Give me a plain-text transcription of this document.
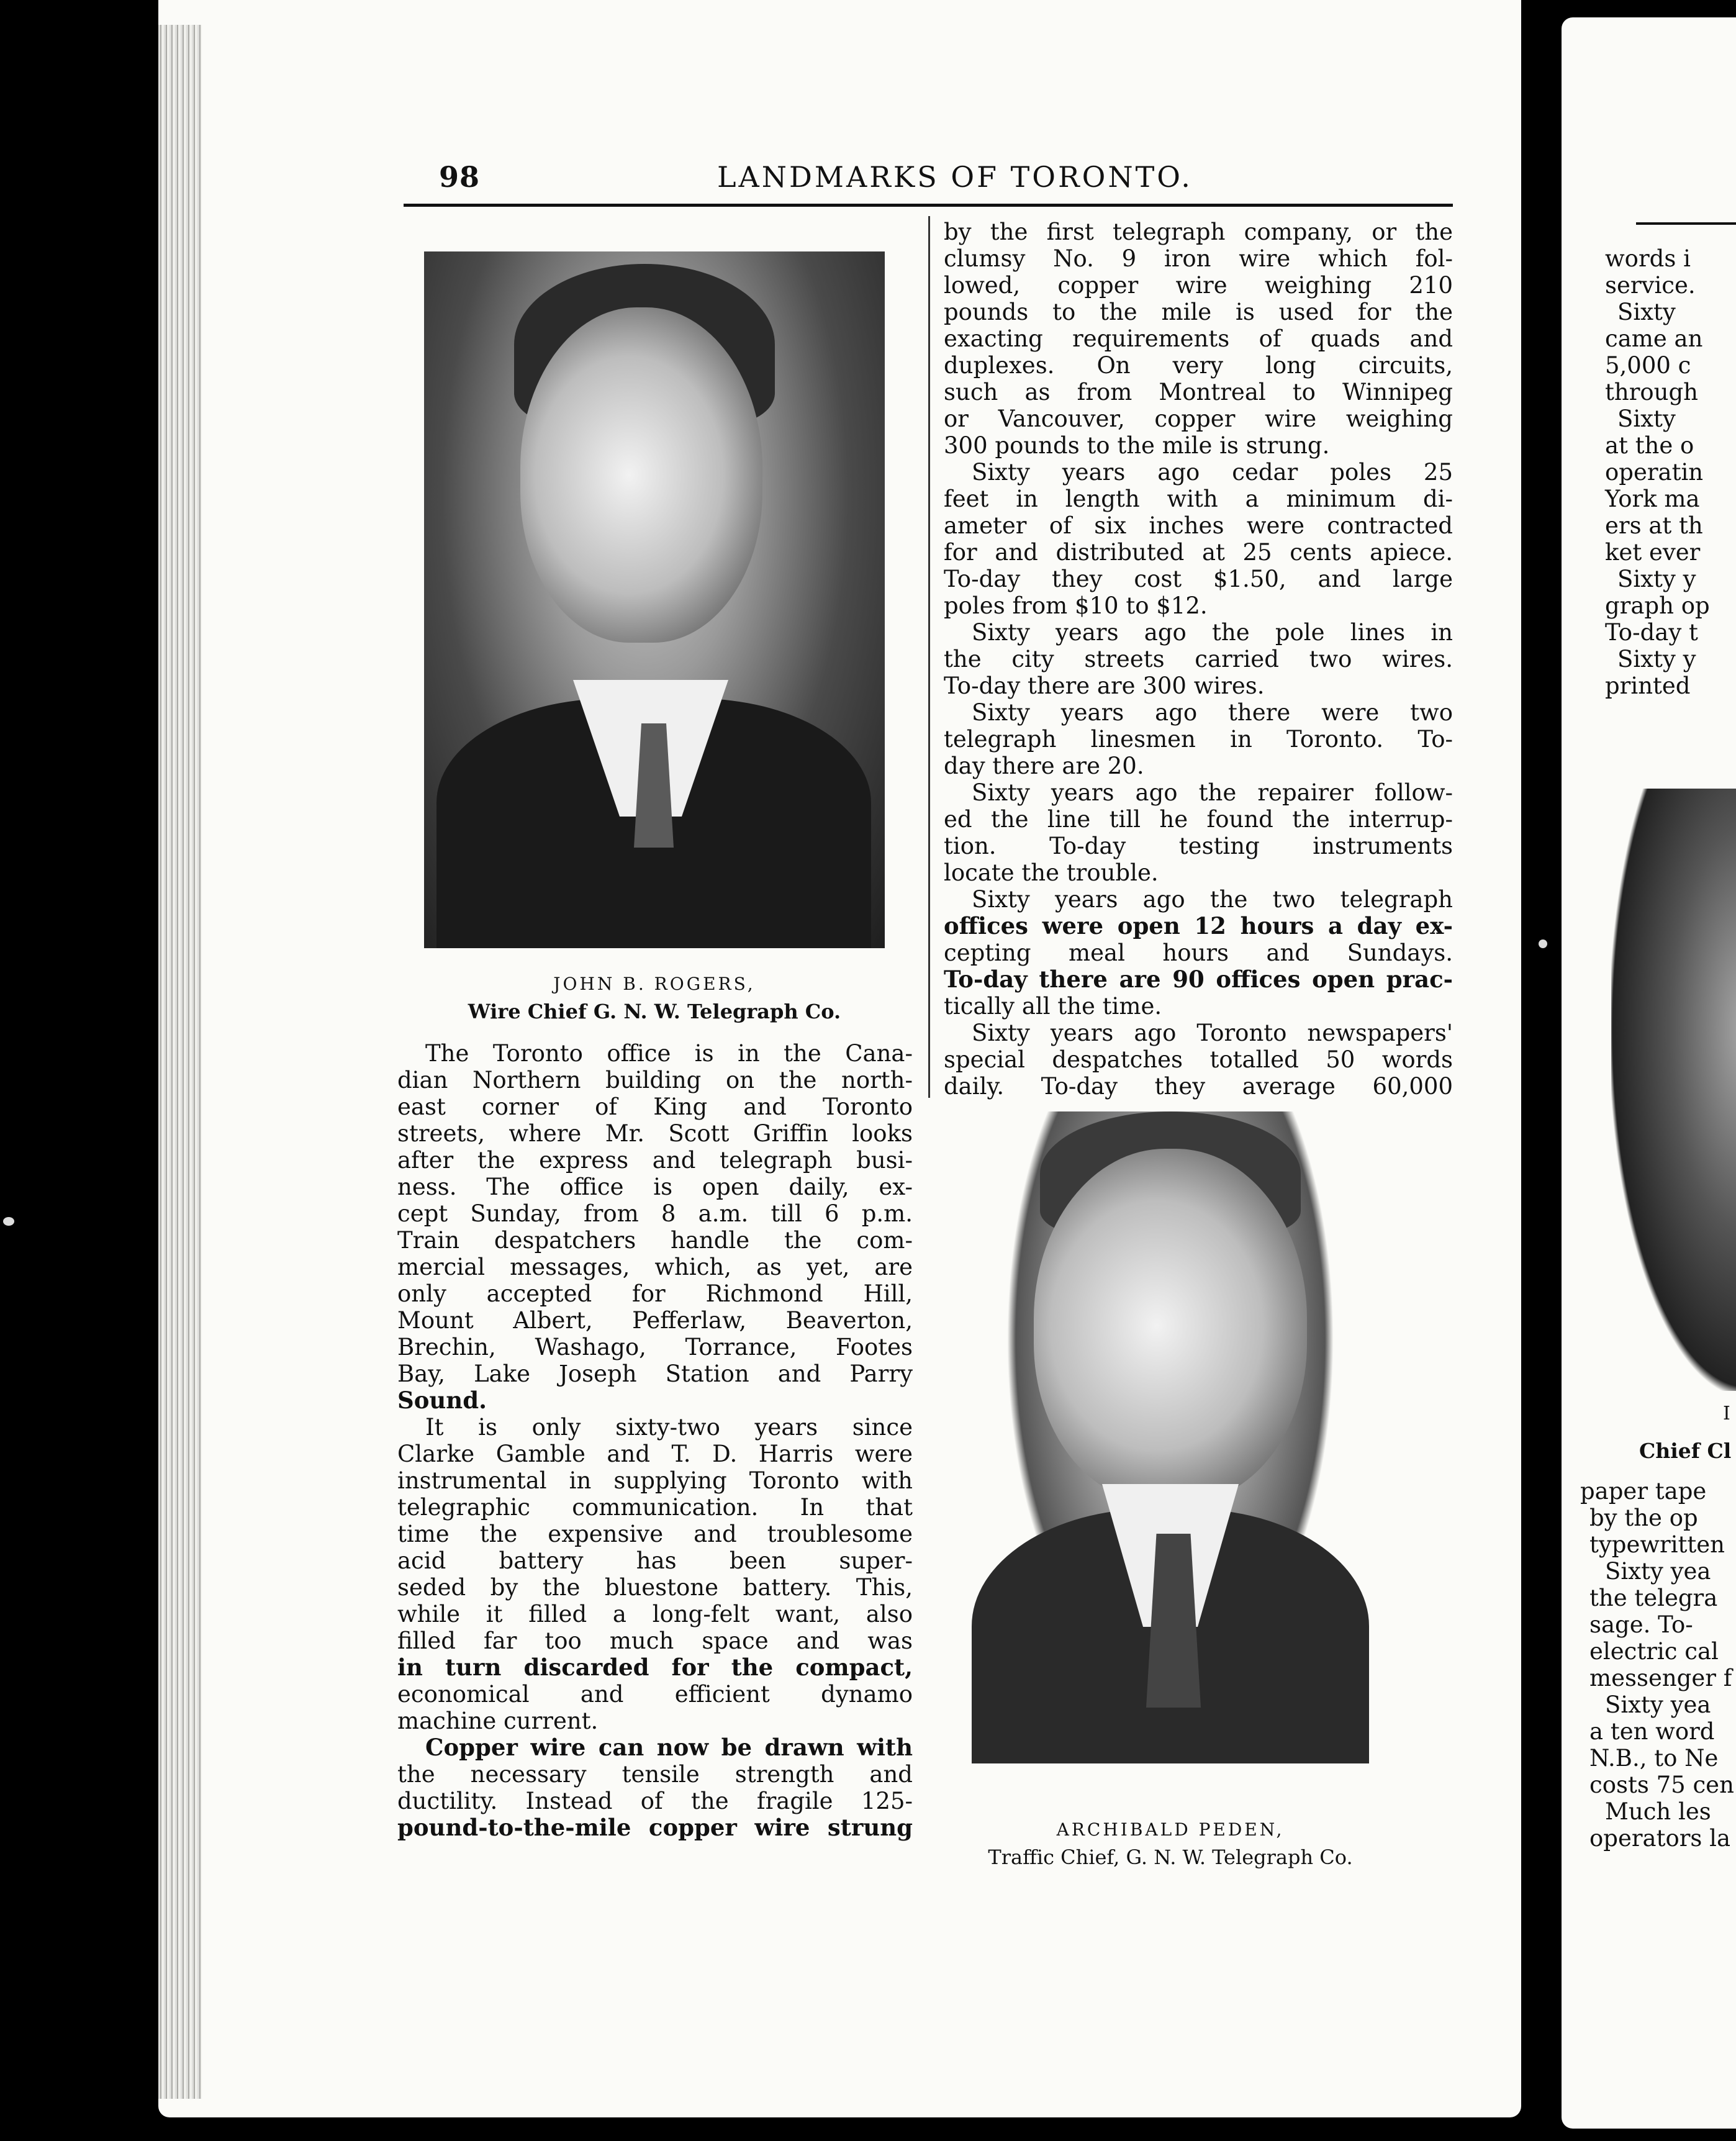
98	LANDMARKS OF TORONTO.
JOHN B. ROGERS,
Wire Chief G. N. W. Telegraph Co.
The Toronto office is in the Cana-
dian Northern building on the north-
east corner of King and Toronto
streets, where Mr. Scott Griffin looks
after the express and telegraph busi-
ness. The office is open daily, ex-
cept Sunday, from 8 a.m. till 6 p.m.
Train despatchers handle the com-
mercial messages, which, as yet, are
only accepted for Richmond Hill,
Mount Albert, Pefferlaw, Beaverton,
Brechin, Washago, Torrance, Footes
Bay, Lake Joseph Station and Parry
Sound.
It is only sixty-two years since
Clarke Gamble and T. D. Harris were
instrumental in supplying Toronto with
telegraphic communication. In that
time the expensive and troublesome
acid battery has been super-
seded by the bluestone battery. This,
while it filled a long-felt want, also
filled far too much space and was
in turn discarded for the compact,
economical and efficient dynamo
machine current.
Copper wire can now be drawn with
the necessary tensile strength and
ductility. Instead of the fragile 125-
pound-to-the-mile copper wire strung
by the first telegraph company, or the
clumsy No. 9 iron wire which fol-
lowed, copper wire weighing 210
pounds to the mile is used for the
exacting requirements of quads and
duplexes. On very long circuits,
such as from Montreal to Winnipeg
or Vancouver, copper wire weighing
300 pounds to the mile is strung.
Sixty years ago cedar poles 25
feet in length with a minimum di-
ameter of six inches were contracted
for and distributed at 25 cents apiece.
To-day they cost $1.50, and large
poles from $10 to $12.
Sixty years ago the pole lines in
the city streets carried two wires.
To-day there are 300 wires.
Sixty years ago there were two
telegraph linesmen in Toronto. To-
day there are 20.
Sixty years ago the repairer follow-
ed the line till he found the interrup-
tion. To-day testing instruments
locate the trouble.
Sixty years ago the two telegraph
offices were open 12 hours a day ex-
cepting meal hours and Sundays.
To-day there are 90 offices open prac-
tically all the time.
Sixty years ago Toronto newspapers'
special despatches totalled 50 words
daily. To-day they average 60,000
ARCHIBALD PEDEN,
Traffic Chief, G. N. W. Telegraph Co.
words i
service.
Sixty
came an
5,000 c
through
Sixty
at the o
operatin
York ma
ers at th
ket ever
Sixty y
graph op
To-day t
Sixty y
printed
I
Chief Cl
paper tape
by the op
typewritten
Sixty yea
the telegra
sage. To-
electric cal
messenger f
Sixty yea
a ten word
N.B., to Ne
costs 75 cen
Much les
operators la
